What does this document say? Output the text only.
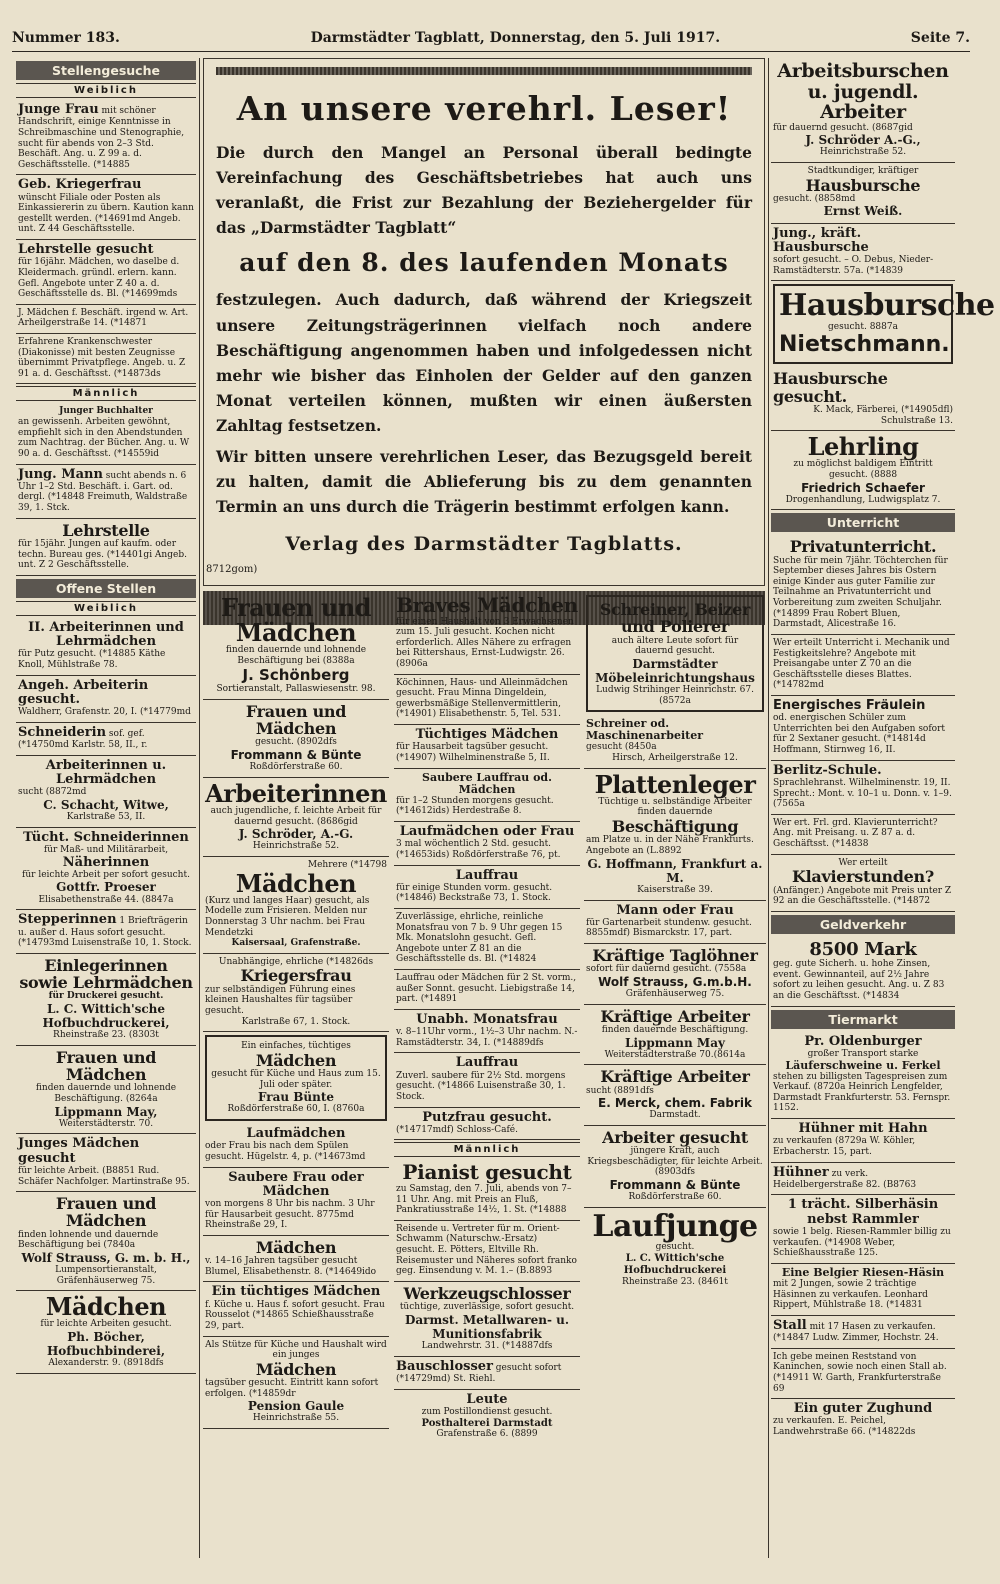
Nummer 183.	Darmstädter Tagblatt, Donnerstag, den 5. Juli 1917.	Seite 7.
Stellengesuche
Weiblich
Junge Frau mit schöner Handschrift, einige Kenntnisse in Schreibmaschine und Stenographie, sucht für abends von 2–3 Std. Beschäft. Ang. u. Z 99 a. d. Geschäftsstelle. (*14885
Geb. Kriegerfrau
wünscht Filiale oder Posten als Einkassiererin zu übern. Kaution kann gestellt werden. (*14691md Angeb. unt. Z 44 Geschäftsstelle.
Lehrstelle gesucht
für 16jähr. Mädchen, wo daselbe d. Kleidermach. gründl. erlern. kann. Gefl. Angebote unter Z 40 a. d. Geschäftsstelle ds. Bl. (*14699mds
J. Mädchen f. Beschäft. irgend w. Art. Arheilgerstraße 14. (*14871
Erfahrene Krankenschwester (Diakonisse) mit besten Zeugnisse übernimmt Privatpflege. Angeb. u. Z 91 a. d. Geschäftsst. (*14873ds
Männlich
Junger Buchhalter
an gewissenh. Arbeiten gewöhnt, empfiehlt sich in den Abendstunden zum Nachtrag. der Bücher. Ang. u. W 90 a. d. Geschäftsst. (*14559id
Jung. Mann sucht abends n. 6 Uhr 1–2 Std. Beschäft. i. Gart. od. dergl. (*14848 Freimuth, Waldstraße 39, 1. Stck.
Lehrstelle
für 15jähr. Jungen auf kaufm. oder techn. Bureau ges. (*14401gi Angeb. unt. Z 2 Geschäftsstelle.
Offene Stellen
Weiblich
II. Arbeiterinnen und Lehrmädchen
für Putz gesucht. (*14885 Käthe Knoll, Mühlstraße 78.
Angeh. Arbeiterin gesucht.
Waldherr, Grafenstr. 20, I. (*14779md
Schneiderin sof. gef. (*14750md Karlstr. 58, II., r.
Arbeiterinnen u. Lehrmädchen
sucht (8872md
C. Schacht, Witwe,
Karlstraße 53, II.
Tücht. Schneiderinnen
für Maß- und Militärarbeit,
Näherinnen
für leichte Arbeit per sofort gesucht.
Gottfr. Proeser
Elisabethenstraße 44. (8847a
Stepperinnen 1 Briefträgerin u. außer d. Haus sofort gesucht. (*14793md Luisenstraße 10, 1. Stock.
Einlegerinnen sowie Lehrmädchen
für Druckerei gesucht.
L. C. Wittich'sche Hofbuchdruckerei,
Rheinstraße 23. (8303t
Frauen und Mädchen
finden dauernde und lohnende Beschäftigung. (8264a
Lippmann May,
Weiterstädterstr. 70.
Junges Mädchen gesucht
für leichte Arbeit. (B8851 Rud. Schäfer Nachfolger. Martinstraße 95.
Frauen und Mädchen
finden lohnende und dauernde Beschäftigung bei (7840a
Wolf Strauss, G. m. b. H.,
Lumpensortieranstalt, Gräfenhäuserweg 75.
Mädchen
für leichte Arbeiten gesucht.
Ph. Böcher, Hofbuchbinderei,
Alexanderstr. 9. (8918dfs
An unsere verehrl. Leser!

Die durch den Mangel an Personal überall bedingte Vereinfachung des Geschäftsbetriebes hat auch uns veranlaßt, die Frist zur Bezahlung der Beziehergelder für das „Darmstädter Tagblatt“

auf den 8. des laufenden Monats

festzulegen. Auch dadurch, daß während der Kriegszeit unsere Zeitungsträgerinnen vielfach noch andere Beschäftigung angenommen haben und infolgedessen nicht mehr wie bisher das Einholen der Gelder auf den ganzen Monat verteilen können, mußten wir einen äußersten Zahltag festsetzen.

Wir bitten unsere verehrlichen Leser, das Bezugsgeld bereit zu halten, damit die Ablieferung bis zu dem genannten Termin an uns durch die Trägerin bestimmt erfolgen kann.

Verlag des Darmstädter Tagblatts.
8712gom)
Frauen und Mädchen
finden dauernde und lohnende Beschäftigung bei (8388a
J. Schönberg
Sortieranstalt, Pallaswiesenstr. 98.
Frauen und Mädchen
gesucht. (8902dfs
Frommann & Bünte
Roßdörferstraße 60.
Arbeiterinnen
auch jugendliche, f. leichte Arbeit für dauernd gesucht. (8686gid
J. Schröder, A.-G.
Heinrichstraße 52.
Mehrere (*14798
Mädchen
(Kurz und langes Haar) gesucht, als Modelle zum Frisieren. Melden nur Donnerstag 3 Uhr nachm. bei Frau Mendetzki
Kaisersaal, Grafenstraße.
Unabhängige, ehrliche (*14826ds
Kriegersfrau
zur selbständigen Führung eines kleinen Haushaltes für tagsüber gesucht.
Karlstraße 67, 1. Stock.
Ein einfaches, tüchtiges
Mädchen
gesucht für Küche und Haus zum 15. Juli oder später.
Frau Bünte
Roßdörferstraße 60, I. (8760a
Laufmädchen
oder Frau bis nach dem Spülen gesucht. Hügelstr. 4, p. (*14673md
Saubere Frau oder Mädchen
von morgens 8 Uhr bis nachm. 3 Uhr für Hausarbeit gesucht. 8775md Rheinstraße 29, I.
Mädchen
v. 14–16 Jahren tagsüber gesucht Blumel, Elisabethenstr. 8. (*14649ido
Ein tüchtiges Mädchen
f. Küche u. Haus f. sofort gesucht. Frau Rousselot (*14865 Schießhausstraße 29, part.
Als Stütze für Küche und Haushalt wird ein junges
Mädchen
tagsüber gesucht. Eintritt kann sofort erfolgen. (*14859dr
Pension Gaule
Heinrichstraße 55.
Braves Mädchen
für einen Haushalt von 3 Erwachsenen zum 15. Juli gesucht. Kochen nicht erforderlich. Alles Nähere zu erfragen bei Rittershaus, Ernst-Ludwigstr. 26. (8906a
Köchinnen, Haus- und Alleinmädchen gesucht. Frau Minna Dingeldein, gewerbsmäßige Stellenvermittlerin, (*14901) Elisabethenstr. 5, Tel. 531.
Tüchtiges Mädchen
für Hausarbeit tagsüber gesucht. (*14907) Wilhelminenstraße 5, II.
Saubere Lauffrau od. Mädchen
für 1–2 Stunden morgens gesucht. (*14612ids) Herdestraße 8.
Laufmädchen oder Frau
3 mal wöchentlich 2 Std. gesucht. (*14653ids) Roßdörferstraße 76, pt.
Lauffrau
für einige Stunden vorm. gesucht. (*14846) Beckstraße 73, 1. Stock.
Zuverlässige, ehrliche, reinliche Monatsfrau von 7 b. 9 Uhr gegen 15 Mk. Monatslohn gesucht. Gefl. Angebote unter Z 81 an die Geschäftsstelle ds. Bl. (*14824
Lauffrau oder Mädchen für 2 St. vorm., außer Sonnt. gesucht. Liebigstraße 14, part. (*14891
Unabh. Monatsfrau
v. 8–11Uhr vorm., 1½–3 Uhr nachm. N.-Ramstädterstr. 34, I. (*14889dfs
Lauffrau
Zuverl. saubere für 2½ Std. morgens gesucht. (*14866 Luisenstraße 30, 1. Stock.
Putzfrau gesucht.
(*14717mdf) Schloss-Café.
Männlich
Pianist gesucht
zu Samstag, den 7. Juli, abends von 7–11 Uhr. Ang. mit Preis an Fluß, Pankratiusstraße 14½, 1. St. (*14888
Reisende u. Vertreter für m. Orient-Schwamm (Naturschw.-Ersatz) gesucht. E. Pötters, Eltville Rh. Reisemuster und Näheres sofort franko geg. Einsendung v. M. 1.– (B.8893
Werkzeugschlosser
tüchtige, zuverlässige, sofort gesucht.
Darmst. Metallwaren- u. Munitionsfabrik
Landwehrstr. 31. (*14887dfs
Bauschlosser gesucht sofort (*14729md) St. Riehl.
Leute
zum Postillondienst gesucht.
Posthalterei Darmstadt
Grafenstraße 6. (8899
Schreiner, Beizer und Polierer
auch ältere Leute sofort für dauernd gesucht.
Darmstädter Möbeleinrichtungshaus
Ludwig Strihinger Heinrichstr. 67. (8572a
Schreiner od. Maschinenarbeiter
gesucht (8450a
Hirsch, Arheilgerstraße 12.
Plattenleger
Tüchtige u. selbständige Arbeiter finden dauernde
Beschäftigung
am Platze u. in der Nähe Frankfurts. Angebote an (L.8892
G. Hoffmann, Frankfurt a. M.
Kaiserstraße 39.
Mann oder Frau
für Gartenarbeit stundenw. gesucht. 8855mdf) Bismarckstr. 17, part.
Kräftige Taglöhner
sofort für dauernd gesucht. (7558a
Wolf Strauss, G.m.b.H.
Gräfenhäuserweg 75.
Kräftige Arbeiter
finden dauernde Beschäftigung.
Lippmann May
Weiterstädterstraße 70.(8614a
Kräftige Arbeiter
sucht (8891dfs
E. Merck, chem. Fabrik
Darmstadt.
Arbeiter gesucht
jüngere Kraft, auch Kriegsbeschädigter, für leichte Arbeit. (8903dfs
Frommann & Bünte
Roßdörferstraße 60.
Laufjunge
gesucht.
L. C. Wittich'sche Hofbuchdruckerei
Rheinstraße 23. (8461t
Arbeitsburschen u. jugendl. Arbeiter
für dauernd gesucht. (8687gid
J. Schröder A.-G.,
Heinrichstraße 52.
Stadtkundiger, kräftiger
Hausbursche
gesucht. (8858md
Ernst Weiß.
Jung., kräft. Hausbursche
sofort gesucht. – O. Debus, Nieder-Ramstädterstr. 57a. (*14839
Hausbursche
gesucht. 8887a
Nietschmann.
Hausbursche gesucht.
K. Mack, Färberei, (*14905dfl) Schulstraße 13.
Lehrling
zu möglichst baldigem Eintritt gesucht. (8888
Friedrich Schaefer
Drogenhandlung, Ludwigsplatz 7.
Unterricht
Privatunterricht.
Suche für mein 7jähr. Töchterchen für September dieses Jahres bis Ostern einige Kinder aus guter Familie zur Teilnahme an Privatunterricht und Vorbereitung zum zweiten Schuljahr. (*14899 Frau Robert Bluen, Darmstadt, Alicestraße 16.
Wer erteilt Unterricht i. Mechanik und Festigkeitslehre? Angebote mit Preisangabe unter Z 70 an die Geschäftsstelle dieses Blattes. (*14782md
Energisches Fräulein
od. energischen Schüler zum Unterrichten bei den Aufgaben sofort für 2 Sextaner gesucht. (*14814d Hoffmann, Stirnweg 16, II.
Berlitz-Schule.
Sprachlehranst. Wilhelminenstr. 19, II. Sprecht.: Mont. v. 10–1 u. Donn. v. 1–9. (7565a
Wer ert. Frl. grd. Klavierunterricht? Ang. mit Preisang. u. Z 87 a. d. Geschäftsst. (*14838
Wer erteilt
Klavierstunden?
(Anfänger.) Angebote mit Preis unter Z 92 an die Geschäftsstelle. (*14872
Geldverkehr
8500 Mark
geg. gute Sicherh. u. hohe Zinsen, event. Gewinnanteil, auf 2½ Jahre sofort zu leihen gesucht. Ang. u. Z 83 an die Geschäftsst. (*14834
Tiermarkt
Pr. Oldenburger
großer Transport starke
Läuferschweine u. Ferkel
stehen zu billigsten Tagespreisen zum Verkauf. (8720a Heinrich Lengfelder, Darmstadt Frankfurterstr. 53. Fernspr. 1152.
Hühner mit Hahn
zu verkaufen (8729a W. Köhler, Erbacherstr. 15, part.
Hühner zu verk. Heidelbergerstraße 82. (B8763
1 trächt. Silberhäsin nebst Rammler
sowie 1 belg. Riesen-Rammler billig zu verkaufen. (*14908 Weber, Schießhausstraße 125.
Eine Belgier Riesen-Häsin
mit 2 Jungen, sowie 2 trächtige Häsinnen zu verkaufen. Leonhard Rippert, Mühlstraße 18. (*14831
Stall mit 17 Hasen zu verkaufen. (*14847 Ludw. Zimmer, Hochstr. 24.
Ich gebe meinen Reststand von Kaninchen, sowie noch einen Stall ab. (*14911 W. Garth, Frankfurterstraße 69
Ein guter Zughund
zu verkaufen. E. Peichel, Landwehrstraße 66. (*14822ds
